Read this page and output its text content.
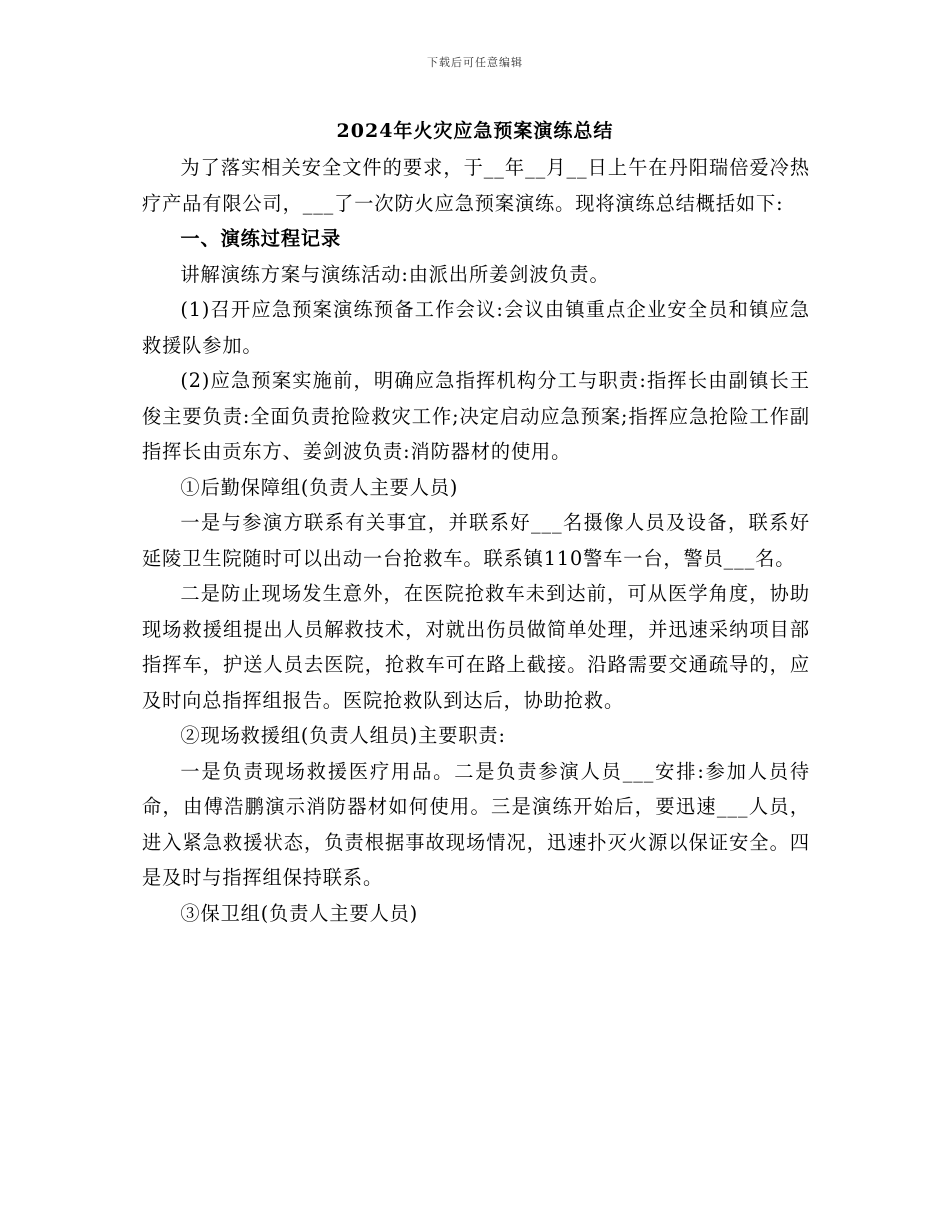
下载后可任意编辑
2024年火灾应急预案演练总结

为了落实相关安全文件的要求，于__年__月__日上午在丹阳瑞倍爱冷热疗产品有限公司，___了一次防火应急预案演练。现将演练总结概括如下:

一、演练过程记录

讲解演练方案与演练活动:由派出所姜剑波负责。

(1)召开应急预案演练预备工作会议:会议由镇重点企业安全员和镇应急救援队参加。

(2)应急预案实施前，明确应急指挥机构分工与职责:指挥长由副镇长王俊主要负责:全面负责抢险救灾工作;决定启动应急预案;指挥应急抢险工作副指挥长由贡东方、姜剑波负责:消防器材的使用。

①后勤保障组(负责人主要人员)

一是与参演方联系有关事宜，并联系好___名摄像人员及设备，联系好延陵卫生院随时可以出动一台抢救车。联系镇110警车一台，警员___名。

二是防止现场发生意外，在医院抢救车未到达前，可从医学角度，协助现场救援组提出人员解救技术，对就出伤员做简单处理，并迅速采纳项目部指挥车，护送人员去医院，抢救车可在路上截接。沿路需要交通疏导的，应及时向总指挥组报告。医院抢救队到达后，协助抢救。

②现场救援组(负责人组员)主要职责:

一是负责现场救援医疗用品。二是负责参演人员___安排:参加人员待命，由傅浩鹏演示消防器材如何使用。三是演练开始后，要迅速___人员，进入紧急救援状态，负责根据事故现场情况，迅速扑灭火源以保证安全。四是及时与指挥组保持联系。

③保卫组(负责人主要人员)
